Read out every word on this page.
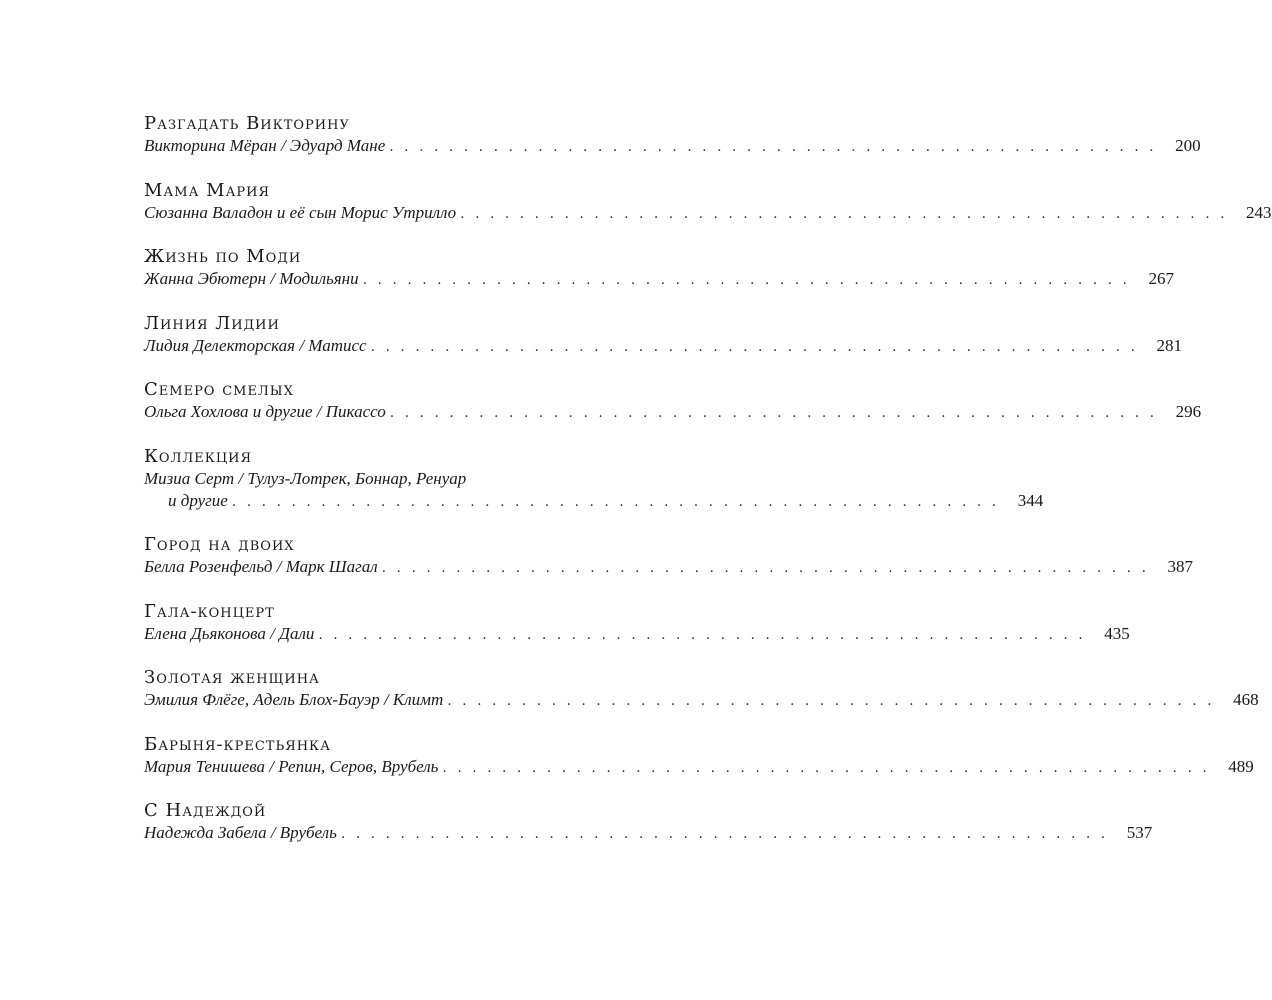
Разгадать Викторину
Викторина Мёран / Эдуард Мане . . . . . . . . . . . . . . . . . . . . . . . . . . . . . . . . . . . . . . . . . . . . . . . . . . . .	200
Мама Мария
Сюзанна Валадон и её сын Морис Утрилло . . . . . . . . . . . . . . . . . . . . . . . . . . . . . . . . . . . . . . . . . . . . . . . . . . . .	243
Жизнь по Моди
Жанна Эбютерн / Модильяни . . . . . . . . . . . . . . . . . . . . . . . . . . . . . . . . . . . . . . . . . . . . . . . . . . . .	267
Линия Лидии
Лидия Делекторская / Матисс . . . . . . . . . . . . . . . . . . . . . . . . . . . . . . . . . . . . . . . . . . . . . . . . . . . .	281
Семеро смелых
Ольга Хохлова и другие / Пикассо . . . . . . . . . . . . . . . . . . . . . . . . . . . . . . . . . . . . . . . . . . . . . . . . . . . .	296
Коллекция
Мизиа Серт / Тулуз-Лотрек, Боннар, Ренуар
и другие . . . . . . . . . . . . . . . . . . . . . . . . . . . . . . . . . . . . . . . . . . . . . . . . . . . .	344
Город на двоих
Белла Розенфельд / Марк Шагал . . . . . . . . . . . . . . . . . . . . . . . . . . . . . . . . . . . . . . . . . . . . . . . . . . . .	387
Гала-концерт
Елена Дьяконова / Дали . . . . . . . . . . . . . . . . . . . . . . . . . . . . . . . . . . . . . . . . . . . . . . . . . . . .	435
Золотая женщина
Эмилия Флёге, Адель Блох-Бауэр / Климт . . . . . . . . . . . . . . . . . . . . . . . . . . . . . . . . . . . . . . . . . . . . . . . . . . . .	468
Барыня-крестьянка
Мария Тенишева / Репин, Серов, Врубель . . . . . . . . . . . . . . . . . . . . . . . . . . . . . . . . . . . . . . . . . . . . . . . . . . . .	489
С Надеждой
Надежда Забела / Врубель . . . . . . . . . . . . . . . . . . . . . . . . . . . . . . . . . . . . . . . . . . . . . . . . . . . .	537
